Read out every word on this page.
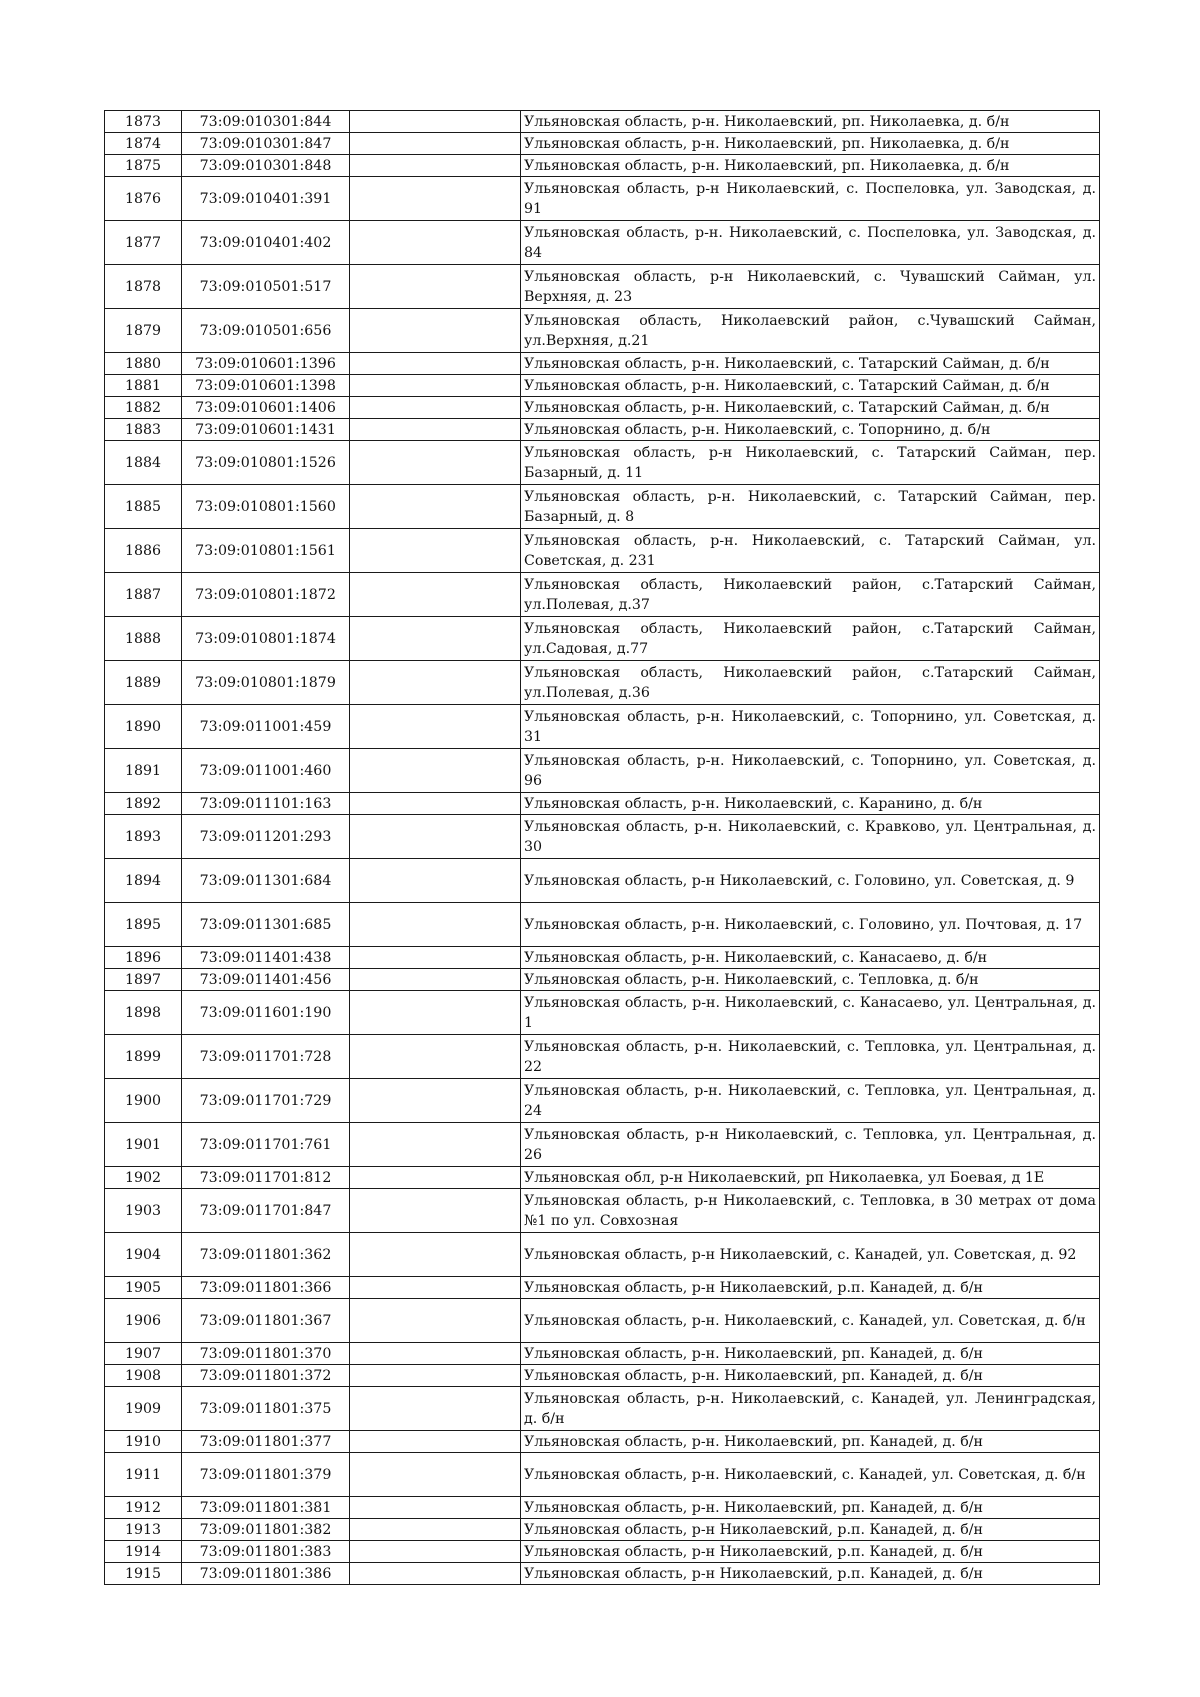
1873	73:09:010301:844		Ульяновская область, р-н. Николаевский, рп. Николаевка, д. б/н
1874	73:09:010301:847		Ульяновская область, р-н. Николаевский, рп. Николаевка, д. б/н
1875	73:09:010301:848		Ульяновская область, р-н. Николаевский, рп. Николаевка, д. б/н
1876	73:09:010401:391		Ульяновская область, р-н Николаевский, с. Поспеловка, ул. Заводская, д. 91
1877	73:09:010401:402		Ульяновская область, р-н. Николаевский, с. Поспеловка, ул. Заводская, д. 84
1878	73:09:010501:517		Ульяновская область, р-н Николаевский, с. Чувашский Сайман, ул. Верхняя, д. 23
1879	73:09:010501:656		Ульяновская область, Николаевский район, с.Чувашский Сайман, ул.Верхняя, д.21
1880	73:09:010601:1396		Ульяновская область, р-н. Николаевский, с. Татарский Сайман, д. б/н
1881	73:09:010601:1398		Ульяновская область, р-н. Николаевский, с. Татарский Сайман, д. б/н
1882	73:09:010601:1406		Ульяновская область, р-н. Николаевский, с. Татарский Сайман, д. б/н
1883	73:09:010601:1431		Ульяновская область, р-н. Николаевский, с. Топорнино, д. б/н
1884	73:09:010801:1526		Ульяновская область, р-н Николаевский, с. Татарский Сайман, пер. Базарный, д. 11
1885	73:09:010801:1560		Ульяновская область, р-н. Николаевский, с. Татарский Сайман, пер. Базарный, д. 8
1886	73:09:010801:1561		Ульяновская область, р-н. Николаевский, с. Татарский Сайман, ул. Советская, д. 231
1887	73:09:010801:1872		Ульяновская область, Николаевский район, с.Татарский Сайман, ул.Полевая, д.37
1888	73:09:010801:1874		Ульяновская область, Николаевский район, с.Татарский Сайман, ул.Садовая, д.77
1889	73:09:010801:1879		Ульяновская область, Николаевский район, с.Татарский Сайман, ул.Полевая, д.36
1890	73:09:011001:459		Ульяновская область, р-н. Николаевский, с. Топорнино, ул. Советская, д. 31
1891	73:09:011001:460		Ульяновская область, р-н. Николаевский, с. Топорнино, ул. Советская, д. 96
1892	73:09:011101:163		Ульяновская область, р-н. Николаевский, с. Каранино, д. б/н
1893	73:09:011201:293		Ульяновская область, р-н. Николаевский, с. Кравково, ул. Центральная, д. 30
1894	73:09:011301:684		Ульяновская область, р-н Николаевский, с. Головино, ул. Советская, д. 9
1895	73:09:011301:685		Ульяновская область, р-н. Николаевский, с. Головино, ул. Почтовая, д. 17
1896	73:09:011401:438		Ульяновская область, р-н. Николаевский, с. Канасаево, д. б/н
1897	73:09:011401:456		Ульяновская область, р-н. Николаевский, с. Тепловка, д. б/н
1898	73:09:011601:190		Ульяновская область, р-н. Николаевский, с. Канасаево, ул. Центральная, д. 1
1899	73:09:011701:728		Ульяновская область, р-н. Николаевский, с. Тепловка, ул. Центральная, д. 22
1900	73:09:011701:729		Ульяновская область, р-н. Николаевский, с. Тепловка, ул. Центральная, д. 24
1901	73:09:011701:761		Ульяновская область, р-н Николаевский, с. Тепловка, ул. Центральная, д. 26
1902	73:09:011701:812		Ульяновская обл, р-н Николаевский, рп Николаевка, ул Боевая, д 1Е
1903	73:09:011701:847		Ульяновская область, р-н Николаевский, с. Тепловка, в 30 метрах от дома №1 по ул. Совхозная
1904	73:09:011801:362		Ульяновская область, р-н Николаевский, с. Канадей, ул. Советская, д. 92
1905	73:09:011801:366		Ульяновская область, р-н Николаевский, р.п. Канадей, д. б/н
1906	73:09:011801:367		Ульяновская область, р-н. Николаевский, с. Канадей, ул. Советская, д. б/н
1907	73:09:011801:370		Ульяновская область, р-н. Николаевский, рп. Канадей, д. б/н
1908	73:09:011801:372		Ульяновская область, р-н. Николаевский, рп. Канадей, д. б/н
1909	73:09:011801:375		Ульяновская область, р-н. Николаевский, с. Канадей, ул. Ленинградская, д. б/н
1910	73:09:011801:377		Ульяновская область, р-н. Николаевский, рп. Канадей, д. б/н
1911	73:09:011801:379		Ульяновская область, р-н. Николаевский, с. Канадей, ул. Советская, д. б/н
1912	73:09:011801:381		Ульяновская область, р-н. Николаевский, рп. Канадей, д. б/н
1913	73:09:011801:382		Ульяновская область, р-н Николаевский, р.п. Канадей, д. б/н
1914	73:09:011801:383		Ульяновская область, р-н Николаевский, р.п. Канадей, д. б/н
1915	73:09:011801:386		Ульяновская область, р-н Николаевский, р.п. Канадей, д. б/н
